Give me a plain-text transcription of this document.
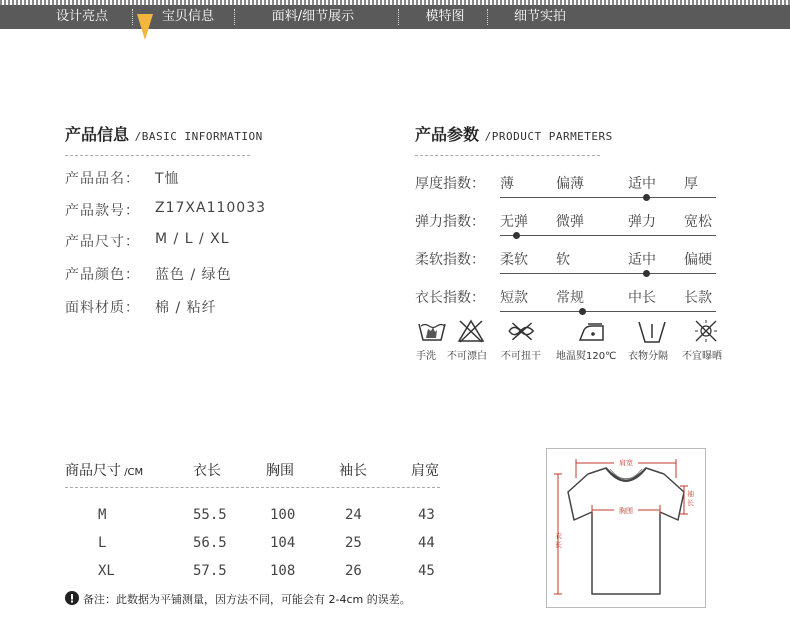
设计亮点	宝贝信息	面料/细节展示	模特图	细节实拍
产品信息 /BASIC INFORMATION
产品品名： T恤
产品款号： Z17XA110033
产品尺寸： M / L / XL
产品颜色： 蓝色 / 绿色
面料材质： 棉 / 粘纤
产品参数 /PRODUCT PARMETERS
厚度指数： 薄	偏薄	适中 厚
弹力指数： 无弹 微弹	弹力 宽松
柔软指数： 柔软 软	适中 偏硬
衣长指数： 短款 常规	中长 长款
手洗 不可漂白 不可扭干 地温熨120℃ 衣物分隔 不宜曝晒
商品尺寸 /CM	衣长	胸围	袖长	肩宽
M	55.5	100	24	43
L	56.5	104	25	44
XL	57.5	108	26	45
备注：此数据为平铺测量，因方法不同，可能会有 2-4cm 的误差。
肩宽
胸围
袖长
衣长
